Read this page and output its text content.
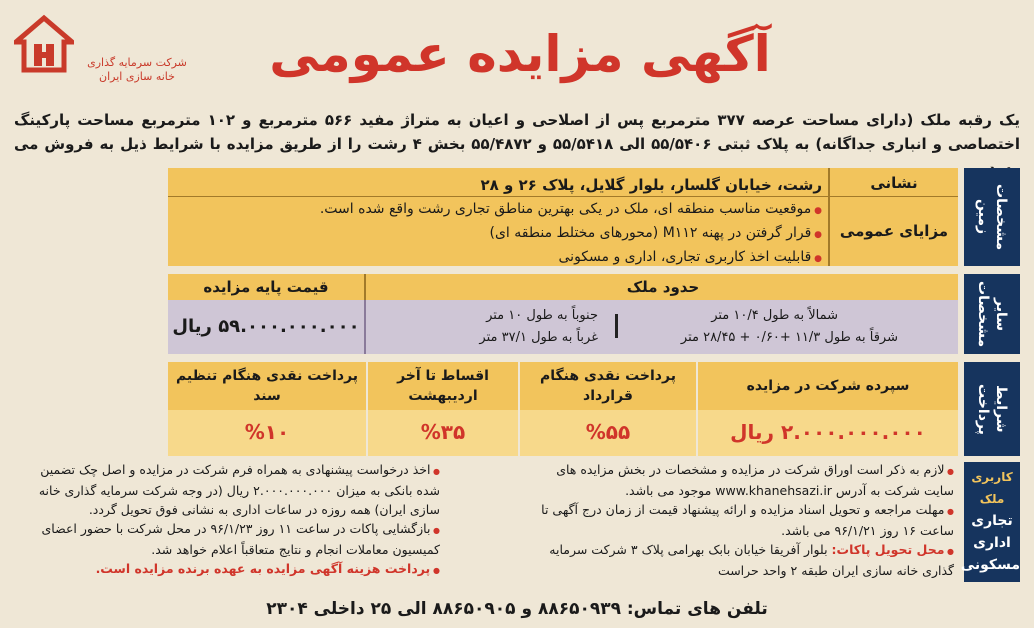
شرکت سرمایه گذاری خانه سازی ایران	آگهی مزایده عمومی
یک رقبه ملک (دارای مساحت عرصه ۳۷۷ مترمربع پس از اصلاحی و اعیان به متراژ مفید ۵۶۶ مترمربع و ۱۰۲ مترمربع مساحت پارکینگ اختصاصی و انباری جداگانه) به پلاک ثبتی ۵۵/۵۴۰۶ الی ۵۵/۵۴۱۸ و ۵۵/۴۸۷۲ بخش ۴ رشت را از طریق مزایده با شرایط ذیل به فروش می
مشخصات زمین
نشانی
مزایای عمومی
رشت، خیابان گلسار، بلوار گلایل، پلاک ۲۶ و ۲۸
● موقعیت مناسب منطقه ای، ملک در یکی بهترین مناطق تجاری رشت واقع شده است.
● قرار گرفتن در پهنه M۱۱۲ (محورهای مختلط منطقه ای)
● قابلیت اخذ کاربری تجاری، اداری و مسکونی
سایر مشخصات
حدود ملک
قیمت پایه مزایده
شمالاً به طول ۱۰/۴ متر
شرقاً به طول ۱۱/۳ +۰/۶۰ + ۲۸/۴۵ متر
جنوباً به طول ۱۰ متر
غرباً به طول ۳۷/۱ متر
۵۹.۰۰۰.۰۰۰.۰۰۰ ریال
شرایط پرداخت
سپرده شرکت در مزایده
۲.۰۰۰.۰۰۰.۰۰۰ ریال
پرداخت نقدی هنگام قرارداد
%۵۵
اقساط تا آخر اردیبهشت
%۳۵
پرداخت نقدی هنگام تنظیم سند
%۱۰
کاربری ملک
تجاری اداری مسکونی
● لازم به ذکر است اوراق شرکت در مزایده و مشخصات در بخش مزایده های سایت شرکت به آدرس www.khanehsazi.ir موجود می باشد.
● مهلت مراجعه و تحویل اسناد مزایده و ارائه پیشنهاد قیمت از زمان درج آگهی تا ساعت ۱۶ روز ۹۶/۱/۲۱ می باشد.
● محل تحویل پاکات: بلوار آفریقا خیابان بابک بهرامی پلاک ۳ شرکت سرمایه گذاری خانه سازی ایران طبقه ۲ واحد حراست
● اخذ درخواست پیشنهادی به همراه فرم شرکت در مزایده و اصل چک تضمین شده بانکی به میزان ۲.۰۰۰.۰۰۰.۰۰۰ ریال (در وجه شرکت سرمایه گذاری خانه سازی ایران) همه روزه در ساعات اداری به نشانی فوق تحویل گردد.
● بازگشایی پاکات در ساعت ۱۱ روز ۹۶/۱/۲۳ در محل شرکت با حضور اعضای کمیسیون معاملات انجام و نتایج متعاقباً اعلام خواهد شد.
● پرداخت هزینه آگهی مزایده به عهده برنده مزایده است.
تلفن های تماس: ۸۸۶۵۰۹۳۹ و ۸۸۶۵۰۹۰۵ الی ۲۵ داخلی ۲۳۰۴
